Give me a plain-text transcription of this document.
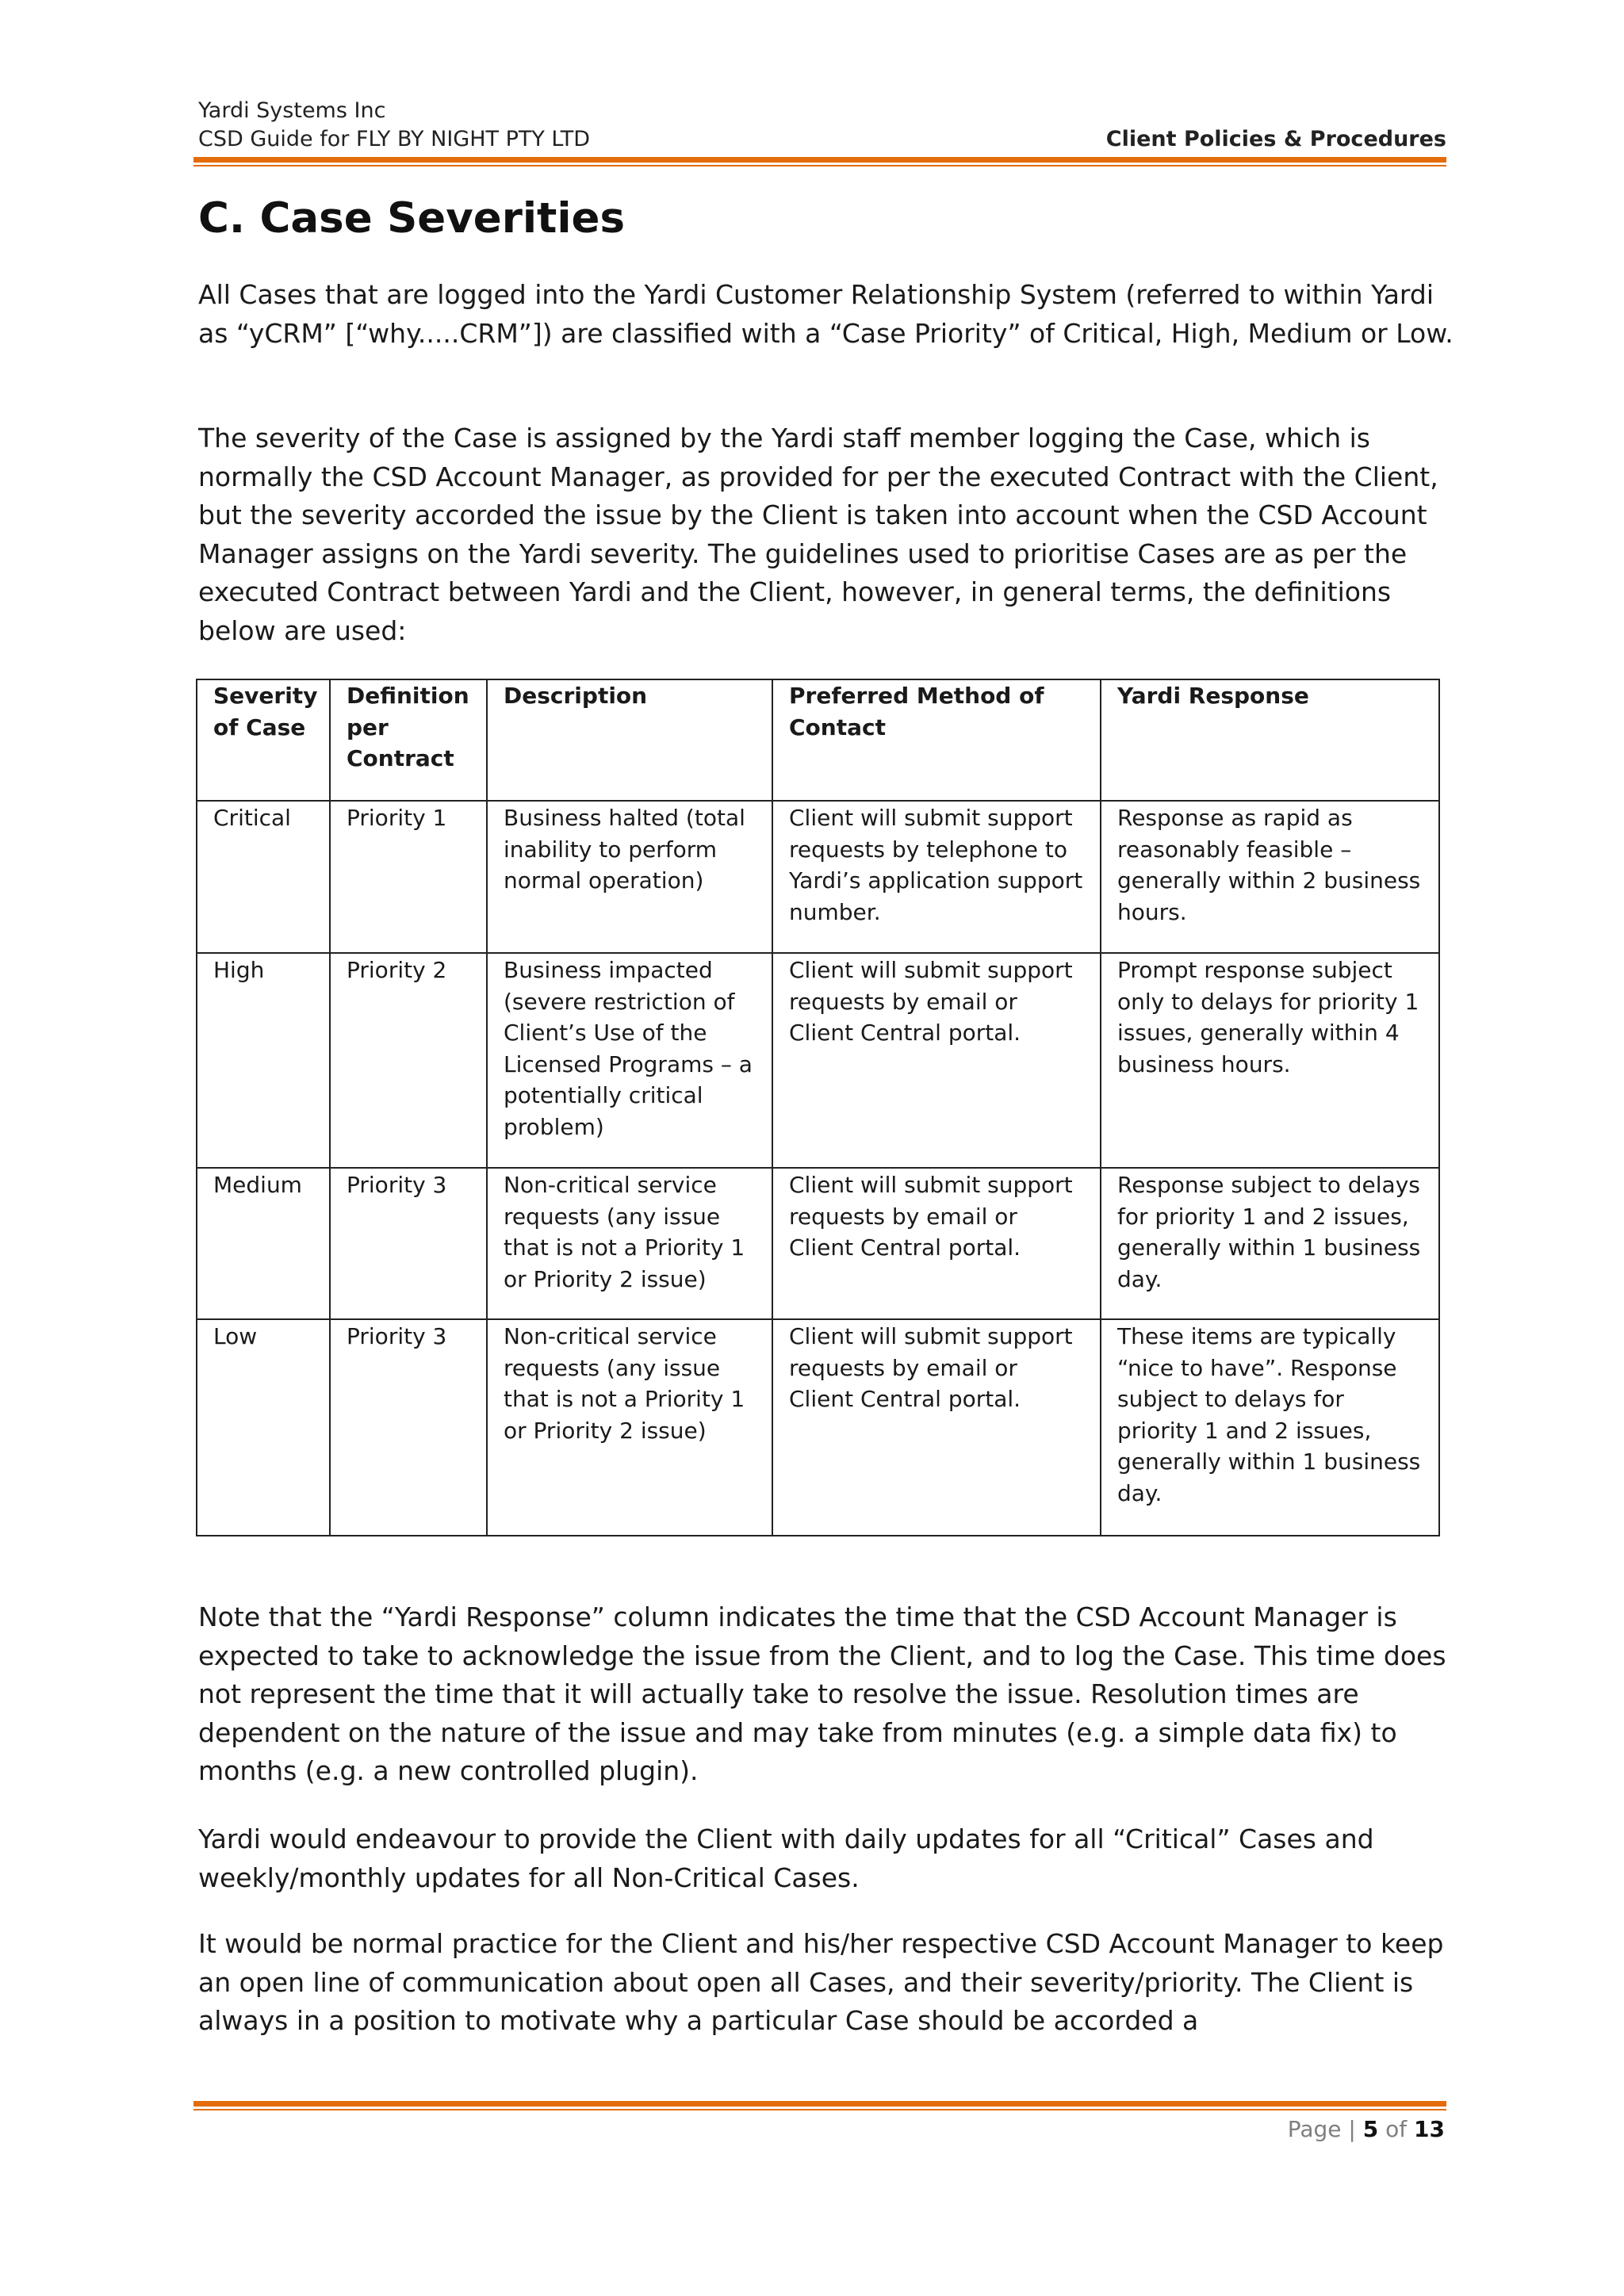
Yardi Systems Inc
CSD Guide for FLY BY NIGHT PTY LTD	Client Policies & Procedures
C. Case Severities

All Cases that are logged into the Yardi Customer Relationship System (referred to within Yardi as “yCRM” [“why.....CRM”]) are classified with a “Case Priority” of Critical, High, Medium or Low.

The severity of the Case is assigned by the Yardi staff member logging the Case, which is normally the CSD Account Manager, as provided for per the executed Contract with the Client, but the severity accorded the issue by the Client is taken into account when the CSD Account Manager assigns on the Yardi severity. The guidelines used to prioritise Cases are as per the executed Contract between Yardi and the Client, however, in general terms, the definitions below are used:

Severity of Case	Definition per Contract	Description	Preferred Method of Contact	Yardi Response
Critical	Priority 1	Business halted (total inability to perform normal operation)	Client will submit support requests by telephone to Yardi’s application support number.	Response as rapid as reasonably feasible – generally within 2 business hours.
High	Priority 2	Business impacted (severe restriction of Client’s Use of the Licensed Programs – a potentially critical problem)	Client will submit support requests by email or Client Central portal.	Prompt response subject only to delays for priority 1 issues, generally within 4 business hours.
Medium	Priority 3	Non-critical service requests (any issue that is not a Priority 1 or Priority 2 issue)	Client will submit support requests by email or Client Central portal.	Response subject to delays for priority 1 and 2 issues, generally within 1 business day.
Low	Priority 3	Non-critical service requests (any issue that is not a Priority 1 or Priority 2 issue)	Client will submit support requests by email or Client Central portal.	These items are typically “nice to have”. Response subject to delays for priority 1 and 2 issues, generally within 1 business day.

Note that the “Yardi Response” column indicates the time that the CSD Account Manager is expected to take to acknowledge the issue from the Client, and to log the Case. This time does not represent the time that it will actually take to resolve the issue. Resolution times are dependent on the nature of the issue and may take from minutes (e.g. a simple data fix) to months (e.g. a new controlled plugin).

Yardi would endeavour to provide the Client with daily updates for all “Critical” Cases and weekly/monthly updates for all Non-Critical Cases.

It would be normal practice for the Client and his/her respective CSD Account Manager to keep an open line of communication about open all Cases, and their severity/priority. The Client is always in a position to motivate why a particular Case should be accorded a

Page | 5 of 13
